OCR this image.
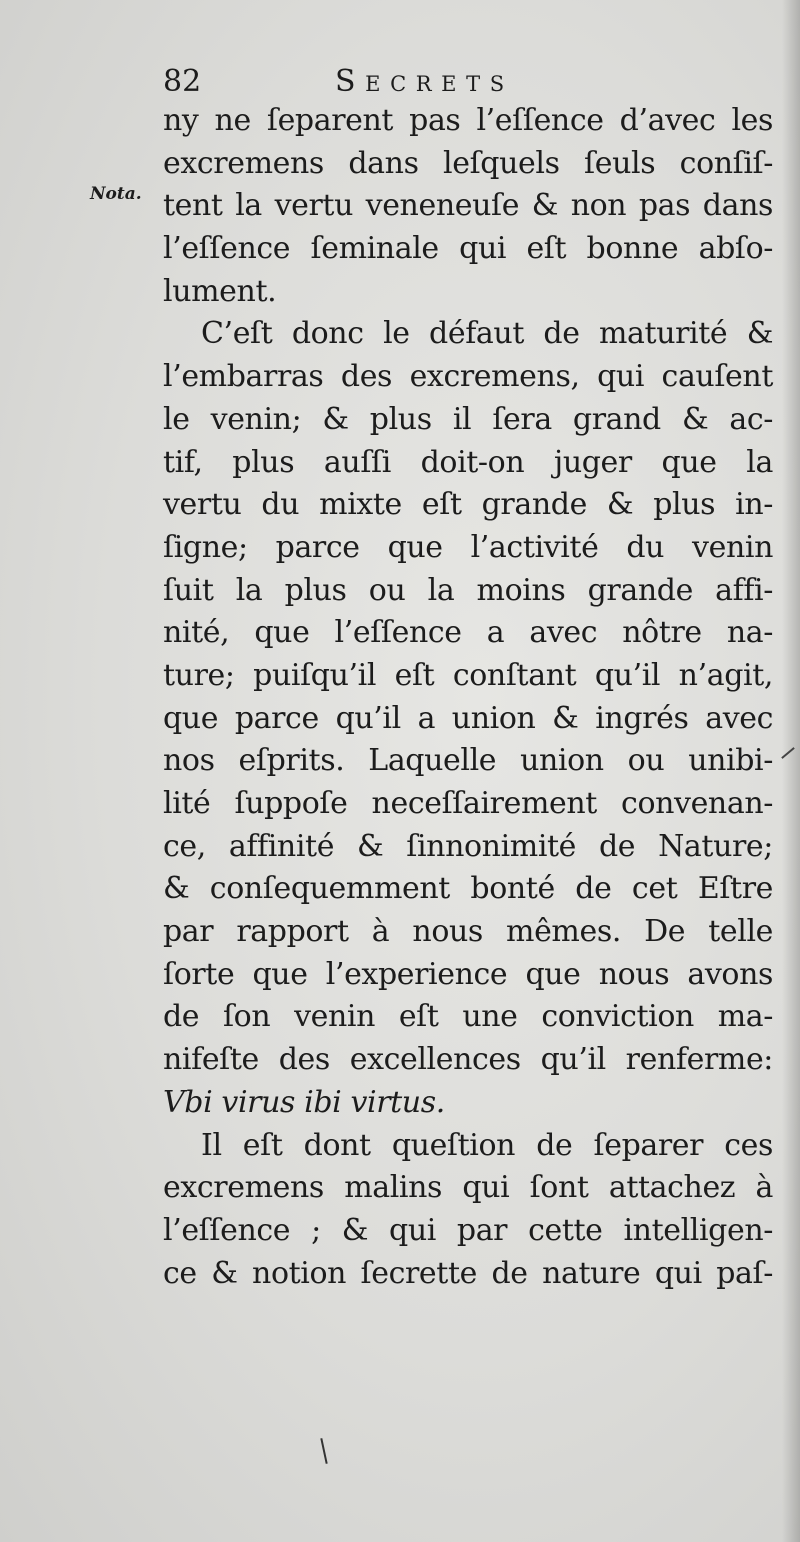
82	Secrets
Nota.
ny ne ſeparent pas l’eſſence d’avec les
excremens dans leſquels ſeuls conſiſ-
tent la vertu veneneuſe & non pas dans
l’eſſence ſeminale qui eſt bonne abſo-
lument.
C’eſt donc le défaut de maturité &
l’embarras des excremens, qui cauſent
le venin; & plus il ſera grand & ac-
tif, plus auſſi doit-on juger que la
vertu du mixte eſt grande & plus in-
ſigne; parce que l’activité du venin
ſuit la plus ou la moins grande affi-
nité, que l’eſſence a avec nôtre na-
ture; puiſqu’il eſt conſtant qu’il n’agit,
que parce qu’il a union & ingrés avec
nos eſprits. Laquelle union ou unibi-
lité ſuppoſe neceſſairement convenan-
ce, affinité & ſinnonimité de Nature;
& conſequemment bonté de cet Eſtre
par rapport à nous mêmes. De telle
ſorte que l’experience que nous avons
de ſon venin eſt une conviction ma-
nifeſte des excellences qu’il renferme:
Vbi virus ibi virtus.
Il eſt dont queſtion de ſeparer ces
excremens malins qui ſont attachez à
l’eſſence ; & qui par cette intelligen-
ce & notion ſecrette de nature qui paſ-
